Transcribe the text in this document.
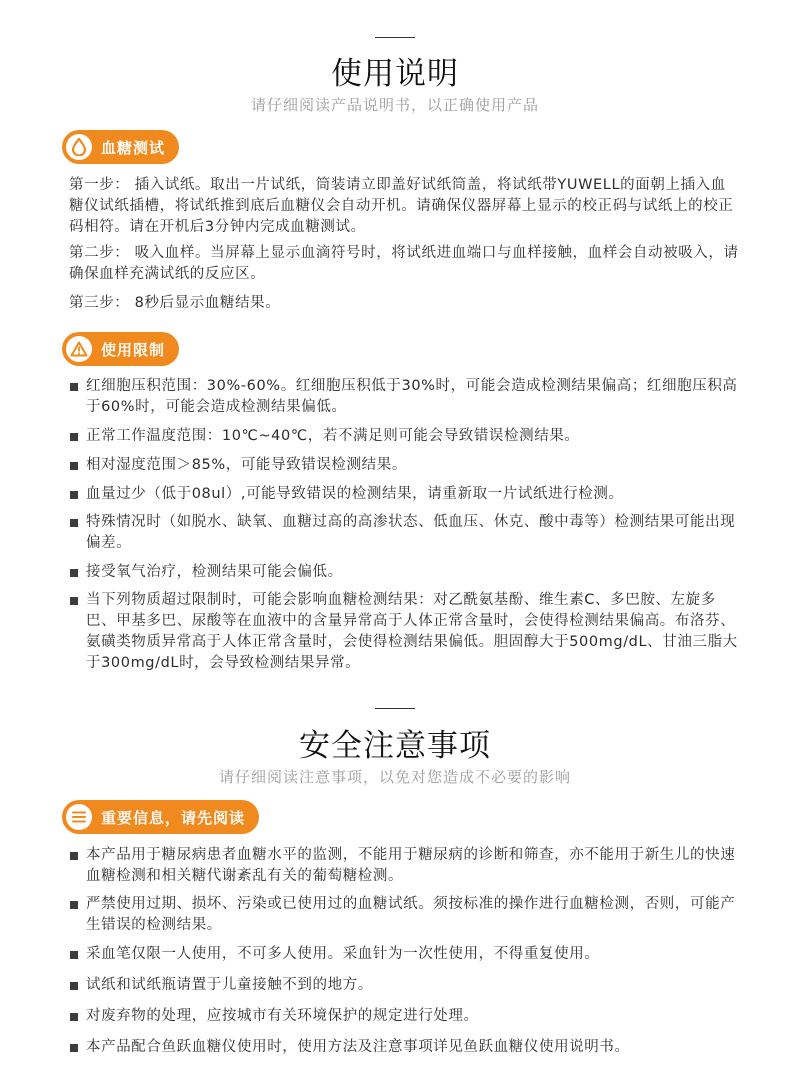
使用说明
请仔细阅读产品说明书，以正确使用产品
血糖测试
第一步： 插入试纸。取出一片试纸，筒装请立即盖好试纸筒盖，将试纸带YUWELL的面朝上插入血糖仪试纸插槽，将试纸推到底后血糖仪会自动开机。请确保仪器屏幕上显示的校正码与试纸上的校正码相符。请在开机后3分钟内完成血糖测试。
第二步： 吸入血样。当屏幕上显示血滴符号时，将试纸进血端口与血样接触，血样会自动被吸入，请确保血样充满试纸的反应区。
第三步： 8秒后显示血糖结果。
使用限制
红细胞压积范围：30%-60%。红细胞压积低于30%时，可能会造成检测结果偏高；红细胞压积高于60%时，可能会造成检测结果偏低。
正常工作温度范围：10℃~40℃，若不满足则可能会导致错误检测结果。
相对湿度范围＞85%，可能导致错误检测结果。
血量过少（低于08ul）,可能导致错误的检测结果，请重新取一片试纸进行检测。
特殊情况时（如脱水、缺氧、血糖过高的高渗状态、低血压、休克、酸中毒等）检测结果可能出现偏差。
接受氧气治疗，检测结果可能会偏低。
当下列物质超过限制时，可能会影响血糖检测结果：对乙酰氨基酚、维生素C、多巴胺、左旋多巴、甲基多巴、尿酸等在血液中的含量异常高于人体正常含量时，会使得检测结果偏高。布洛芬、氨磺类物质异常高于人体正常含量时，会使得检测结果偏低。胆固醇大于500mg/dL、甘油三脂大于300mg/dL时，会导致检测结果异常。
安全注意事项
请仔细阅读注意事项，以免对您造成不必要的影响
重要信息，请先阅读
本产品用于糖尿病患者血糖水平的监测，不能用于糖尿病的诊断和筛查，亦不能用于新生儿的快速血糖检测和相关糖代谢紊乱有关的葡萄糖检测。
严禁使用过期、损坏、污染或已使用过的血糖试纸。须按标准的操作进行血糖检测，否则，可能产生错误的检测结果。
采血笔仅限一人使用，不可多人使用。采血针为一次性使用，不得重复使用。
试纸和试纸瓶请置于儿童接触不到的地方。
对废弃物的处理，应按城市有关环境保护的规定进行处理。
本产品配合鱼跃血糖仪使用时，使用方法及注意事项详见鱼跃血糖仪使用说明书。
